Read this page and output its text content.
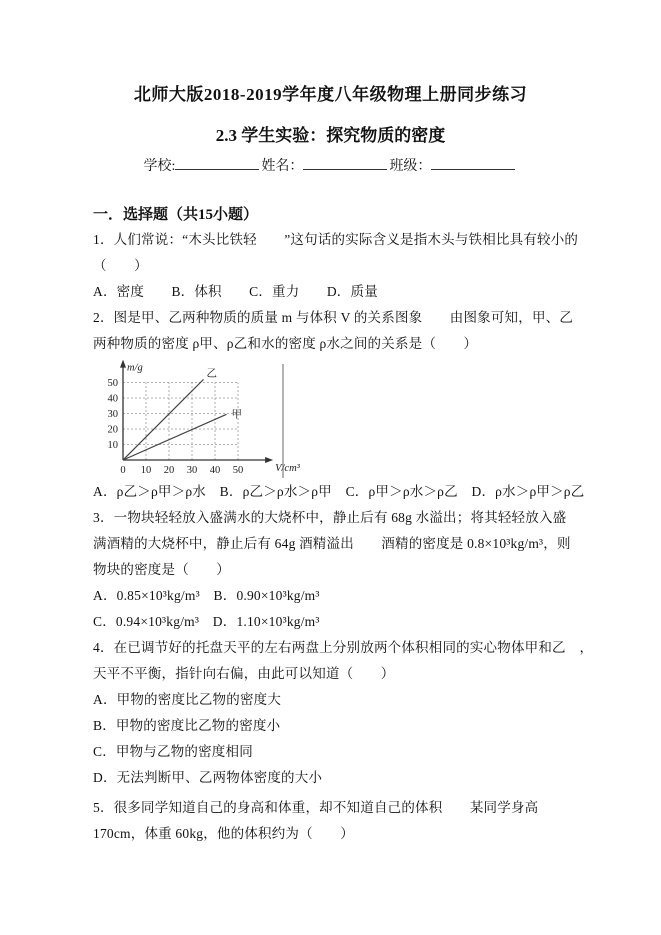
北师大版2018-2019学年度八年级物理上册同步练习
2.3 学生实验：探究物质的密度
学校:	姓名：	班级：
一．选择题（共15小题）
1．人们常说：“木头比铁轻　　”这句话的实际含义是指木头与铁相比具有较小的
（　　）
A．密度　　B．体积　　C．重力　　D．质量
2．图是甲、乙两种物质的质量 m 与体积 V 的关系图象　　由图象可知，甲、乙
两种物质的密度 ρ甲、ρ乙和水的密度 ρ水之间的关系是（　　）
0 10 20 30 40 50
10
20
30
40
50
m/g
V/cm³
乙
甲
A．ρ乙＞ρ甲＞ρ水　B．ρ乙＞ρ水＞ρ甲　C．ρ甲＞ρ水＞ρ乙　D．ρ水＞ρ甲＞ρ乙
3．一物块轻轻放入盛满水的大烧杯中，静止后有 68g 水溢出；将其轻轻放入盛
满酒精的大烧杯中，静止后有 64g 酒精溢出　　酒精的密度是 0.8×10³kg/m³，则
物块的密度是（　　）
A．0.85×10³kg/m³　B．0.90×10³kg/m³
C．0.94×10³kg/m³　D．1.10×10³kg/m³
4．在已调节好的托盘天平的左右两盘上分别放两个体积相同的实心物体甲和乙　，
天平不平衡，指针向右偏，由此可以知道（　　）
A．甲物的密度比乙物的密度大
B．甲物的密度比乙物的密度小
C．甲物与乙物的密度相同
D．无法判断甲、乙两物体密度的大小
5．很多同学知道自己的身高和体重，却不知道自己的体积　　某同学身高
170cm，体重 60kg，他的体积约为（　　）
